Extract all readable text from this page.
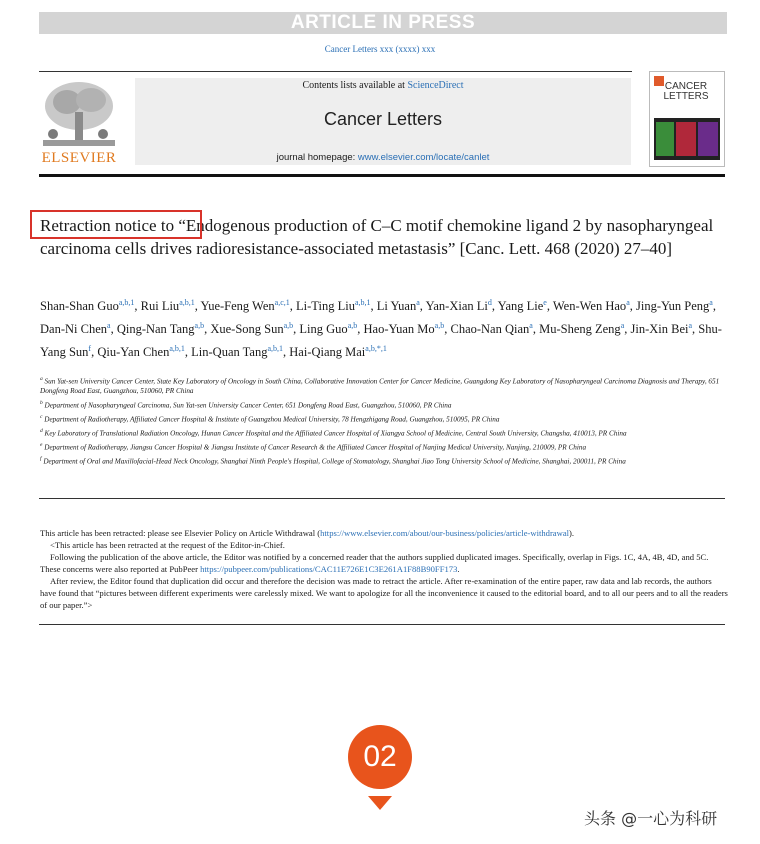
ARTICLE IN PRESS
Cancer Letters xxx (xxxx) xxx
ELSEVIER
Contents lists available at ScienceDirect
Cancer Letters
journal homepage: www.elsevier.com/locate/canlet
CANCER
LETTERS
Retraction notice to “Endogenous production of C–C motif chemokine ligand 2 by nasopharyngeal carcinoma cells drives radioresistance-associated metastasis” [Canc. Lett. 468 (2020) 27–40]
Shan-Shan Guo$^{a,b,1}$, Rui Liu$^{a,b,1}$, Yue-Feng Wen$^{a,c,1}$, Li-Ting Liu$^{a,b,1}$, Li Yuan$^a$, Yan-Xian Li$^d$, Yang Lie$^e$, Wen-Wen Hao$^a$, Jing-Yun Peng$^a$, Dan-Ni Chen$^a$, Qing-Nan Tang$^{a,b}$, Xue-Song Sun$^{a,b}$, Ling Guo$^{a,b}$, Hao-Yuan Mo$^{a,b}$, Chao-Nan Qian$^a$, Mu-Sheng Zeng$^a$, Jin-Xin Bei$^a$, Shu-Yang Sun$^f$, Qiu-Yan Chen$^{a,b,1}$, Lin-Quan Tang$^{a,b,1}$, Hai-Qiang Mai$^{a,b,*,1}$
$^a$ Sun Yat-sen University Cancer Center, State Key Laboratory of Oncology in South China, Collaborative Innovation Center for Cancer Medicine, Guangdong Key Laboratory of Nasopharyngeal Carcinoma Diagnosis and Therapy, 651 Dongfeng Road East, Guangzhou, 510060, PR China
$^b$ Department of Nasopharyngeal Carcinoma, Sun Yat-sen University Cancer Center, 651 Dongfeng Road East, Guangzhou, 510060, PR China
$^c$ Department of Radiotherapy, Affiliated Cancer Hospital & Institute of Guangzhou Medical University, 78 Hengzhigang Road, Guangzhou, 510095, PR China
$^d$ Key Laboratory of Translational Radiation Oncology, Hunan Cancer Hospital and the Affiliated Cancer Hospital of Xiangya School of Medicine, Central South University, Changsha, 410013, PR China
$^e$ Department of Radiotherapy, Jiangsu Cancer Hospital & Jiangsu Institute of Cancer Research & the Affiliated Cancer Hospital of Nanjing Medical University, Nanjing, 210009, PR China
$^f$ Department of Oral and Maxillofacial-Head Neck Oncology, Shanghai Ninth People's Hospital, College of Stomatology, Shanghai Jiao Tong University School of Medicine, Shanghai, 200011, PR China

This article has been retracted: please see Elsevier Policy on Article Withdrawal (https://www.elsevier.com/about/our-business/policies/article-withdrawal).

<This article has been retracted at the request of the Editor-in-Chief.

Following the publication of the above article, the Editor was notified by a concerned reader that the authors supplied duplicated images. Specifically, overlap in Figs. 1C, 4A, 4B, 4D, and 5C. These concerns were also reported at PubPeer https://pubpeer.com/publications/CAC11E726E1C3E261A1F88B90FF173.

After review, the Editor found that duplication did occur and therefore the decision was made to retract the article. After re-examination of the entire paper, raw data and lab records, the authors have found that “pictures between different experiments were carelessly mixed. We want to apologize for all the inconvenience it caused to the editorial board, and to all our peers and to all the readers of our paper.”>

02
头条 @一心为科研
